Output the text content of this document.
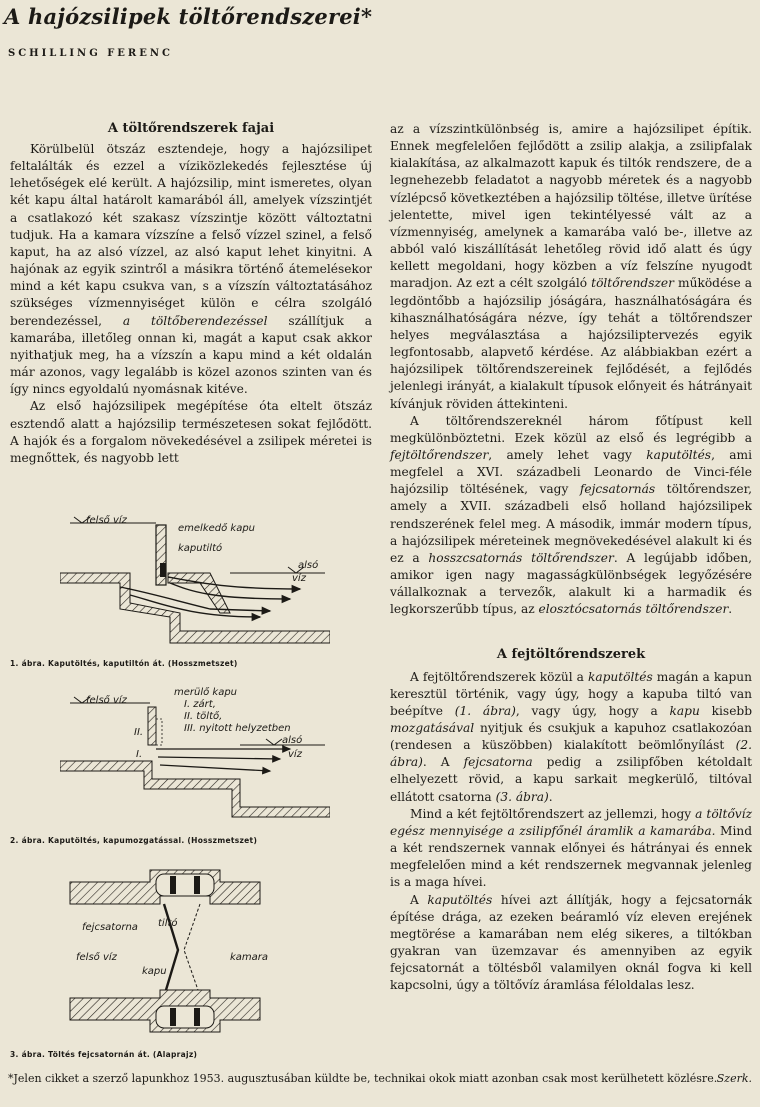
A hajózsilipek töltőrendszerei*
SCHILLING FERENC
A töltőrendszerek fajai

Körülbelül ötszáz esztendeje, hogy a hajózsilipet feltalálták és ezzel a víziközlekedés fejlesztése új lehetőségek elé került. A hajózsilip, mint ismeretes, olyan két kapu által határolt kamarából áll, amelyek vízszintjét a csatlakozó két szakasz vízszintje között változtatni tudjuk. Ha a kamara vízszíne a felső vízzel szinel, a felső kaput, ha az alsó vízzel, az alsó kaput lehet kinyitni. A hajónak az egyik szintről a másikra történő átemelésekor mind a két kapu csukva van, s a vízszín változtatásához szükséges vízmennyiséget külön e célra szolgáló berendezéssel, a töltőberendezéssel szállítjuk a kamarába, illetőleg onnan ki, magát a kaput csak akkor nyithatjuk meg, ha a vízszín a kapu mind a két oldalán már azonos, vagy legalább is közel azonos szinten van és így nincs egyoldalú nyomásnak kitéve.

Az első hajózsilipek megépítése óta eltelt ötszáz esztendő alatt a hajózsilip természetesen sokat fejlődött. A hajók és a forgalom növekedésével a zsilipek méretei is megnőttek, és nagyobb lett

felső víz
alsó
víz
emelkedő kapu
kaputiltó
1. ábra. Kaputöltés, kaputiltón át. (Hosszmetszet)
felső víz
II.
I.
alsó
víz
merülő kapu
I. zárt,
II. töltő,
III. nyitott helyzetben
2. ábra. Kaputöltés, kapumozgatással. (Hosszmetszet)
tiltó
fejcsatorna
felső víz	kamara
kapu
3. ábra. Töltés fejcsatornán át. (Alaprajz)

az a vízszintkülönbség is, amire a hajózsilipet építik. Ennek megfelelően fejlődött a zsilip alakja, a zsilipfalak kialakítása, az alkalmazott kapuk és tiltók rendszere, de a legnehezebb feladatot a nagyobb méretek és a nagyobb vízlépcső következtében a hajózsilip töltése, illetve ürítése jelentette, mivel igen tekintélyessé vált az a vízmennyiség, amelynek a kamarába való be-, illetve az abból való kiszállítását lehetőleg rövid idő alatt és úgy kellett megoldani, hogy közben a víz felszíne nyugodt maradjon. Az ezt a célt szolgáló töltőrendszer működése a legdöntőbb a hajózsilip jóságára, használhatóságára és kihasználhatóságára nézve, így tehát a töltőrendszer helyes megválasztása a hajózsiliptervezés egyik legfontosabb, alapvető kérdése. Az alábbiakban ezért a hajózsilipek töltőrendszereinek fejlődését, a fejlődés jelenlegi irányát, a kialakult típusok előnyeit és hátrányait kívánjuk röviden áttekinteni.

A töltőrendszereknél három főtípust kell megkülönböztetni. Ezek közül az első és legrégibb a fejtöltőrendszer, amely lehet vagy kaputöltés, ami megfelel a XVI. századbeli Leonardo de Vinci-féle hajózsilip töltésének, vagy fejcsatornás töltőrendszer, amely a XVII. századbeli első holland hajózsilipek rendszerének felel meg. A második, immár modern típus, a hajózsilipek méreteinek megnövekedésével alakult ki és ez a hosszcsatornás töltőrendszer. A legújabb időben, amikor igen nagy magasságkülönbségek legyőzésére vállalkoznak a tervezők, alakult ki a harmadik és legkorszerűbb típus, az elosztócsatornás töltőrendszer.

A fejtöltőrendszerek

A fejtöltőrendszerek közül a kaputöltés magán a kapun keresztül történik, vagy úgy, hogy a kapuba tiltó van beépítve (1. ábra), vagy úgy, hogy a kapu kisebb mozgatásával nyitjuk és csukjuk a kapuhoz csatlakozóan (rendesen a küszöbben) kialakított beömlőnyílást (2. ábra). A fejcsatorna pedig a zsilipfőben kétoldalt elhelyezett rövid, a kapu sarkait megkerülő, tiltóval ellátott csatorna (3. ábra).

Mind a két fejtöltőrendszert az jellemzi, hogy a töltővíz egész mennyisége a zsilipfőnél áramlik a kamarába. Mind a két rendszernek vannak előnyei és hátrányai és ennek megfelelően mind a két rendszernek megvannak jelenleg is a maga hívei.

A kaputöltés hívei azt állítják, hogy a fejcsatornák építése drága, az ezeken beáramló víz eleven erejének megtörése a kamarában nem elég sikeres, a tiltókban gyakran van üzemzavar és amennyiben az egyik fejcsatornát a töltésből valamilyen oknál fogva ki kell kapcsolni, úgy a töltővíz áramlása féloldalas lesz.

*Jelen cikket a szerző lapunkhoz 1953. augusztusában küldte be, technikai okok miatt azonban csak most kerülhetett közlésre. Szerk.
